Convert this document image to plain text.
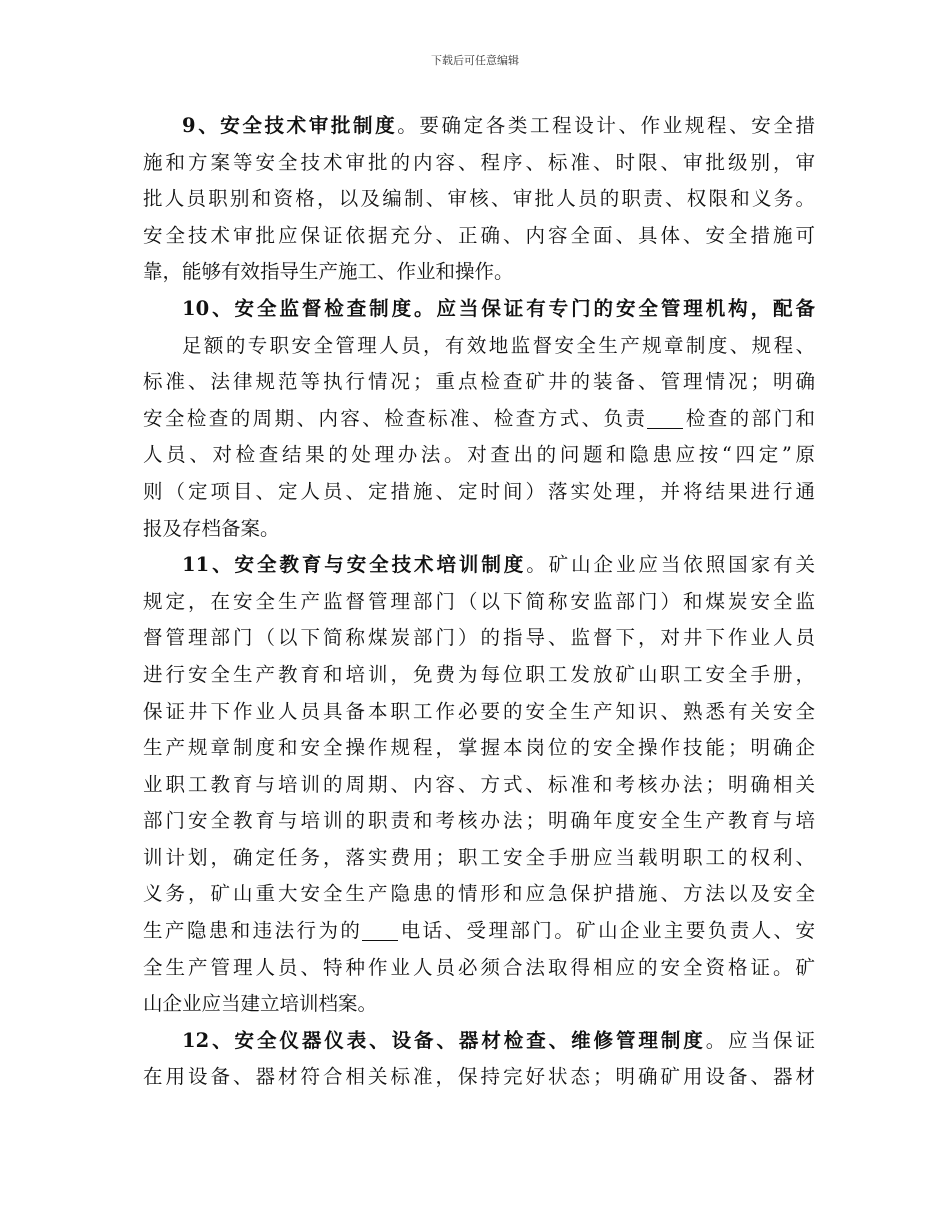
下载后可任意编辑
9、安全技术审批制度。要确定各类工程设计、作业规程、安全措
施和方案等安全技术审批的内容、程序、标准、时限、审批级别，审
批人员职别和资格，以及编制、审核、审批人员的职责、权限和义务。
安全技术审批应保证依据充分、正确、内容全面、具体、安全措施可
靠，能够有效指导生产施工、作业和操作。
10、安全监督检查制度。应当保证有专门的安全管理机构，配备
足额的专职安全管理人员，有效地监督安全生产规章制度、规程、
标准、法律规范等执行情况；重点检查矿井的装备、管理情况；明确
安全检查的周期、内容、检查标准、检查方式、负责 检查的部门和
人员、对检查结果的处理办法。对查出的问题和隐患应按“四定”原
则（定项目、定人员、定措施、定时间）落实处理，并将结果进行通
报及存档备案。
11、安全教育与安全技术培训制度。矿山企业应当依照国家有关
规定，在安全生产监督管理部门（以下简称安监部门）和煤炭安全监
督管理部门（以下简称煤炭部门）的指导、监督下，对井下作业人员
进行安全生产教育和培训，免费为每位职工发放矿山职工安全手册，
保证井下作业人员具备本职工作必要的安全生产知识、熟悉有关安全
生产规章制度和安全操作规程，掌握本岗位的安全操作技能；明确企
业职工教育与培训的周期、内容、方式、标准和考核办法；明确相关
部门安全教育与培训的职责和考核办法；明确年度安全生产教育与培
训计划，确定任务，落实费用；职工安全手册应当载明职工的权利、
义务，矿山重大安全生产隐患的情形和应急保护措施、方法以及安全
生产隐患和违法行为的 电话、受理部门。矿山企业主要负责人、安
全生产管理人员、特种作业人员必须合法取得相应的安全资格证。矿
山企业应当建立培训档案。
12、安全仪器仪表、设备、器材检查、维修管理制度。应当保证
在用设备、器材符合相关标准，保持完好状态；明确矿用设备、器材
